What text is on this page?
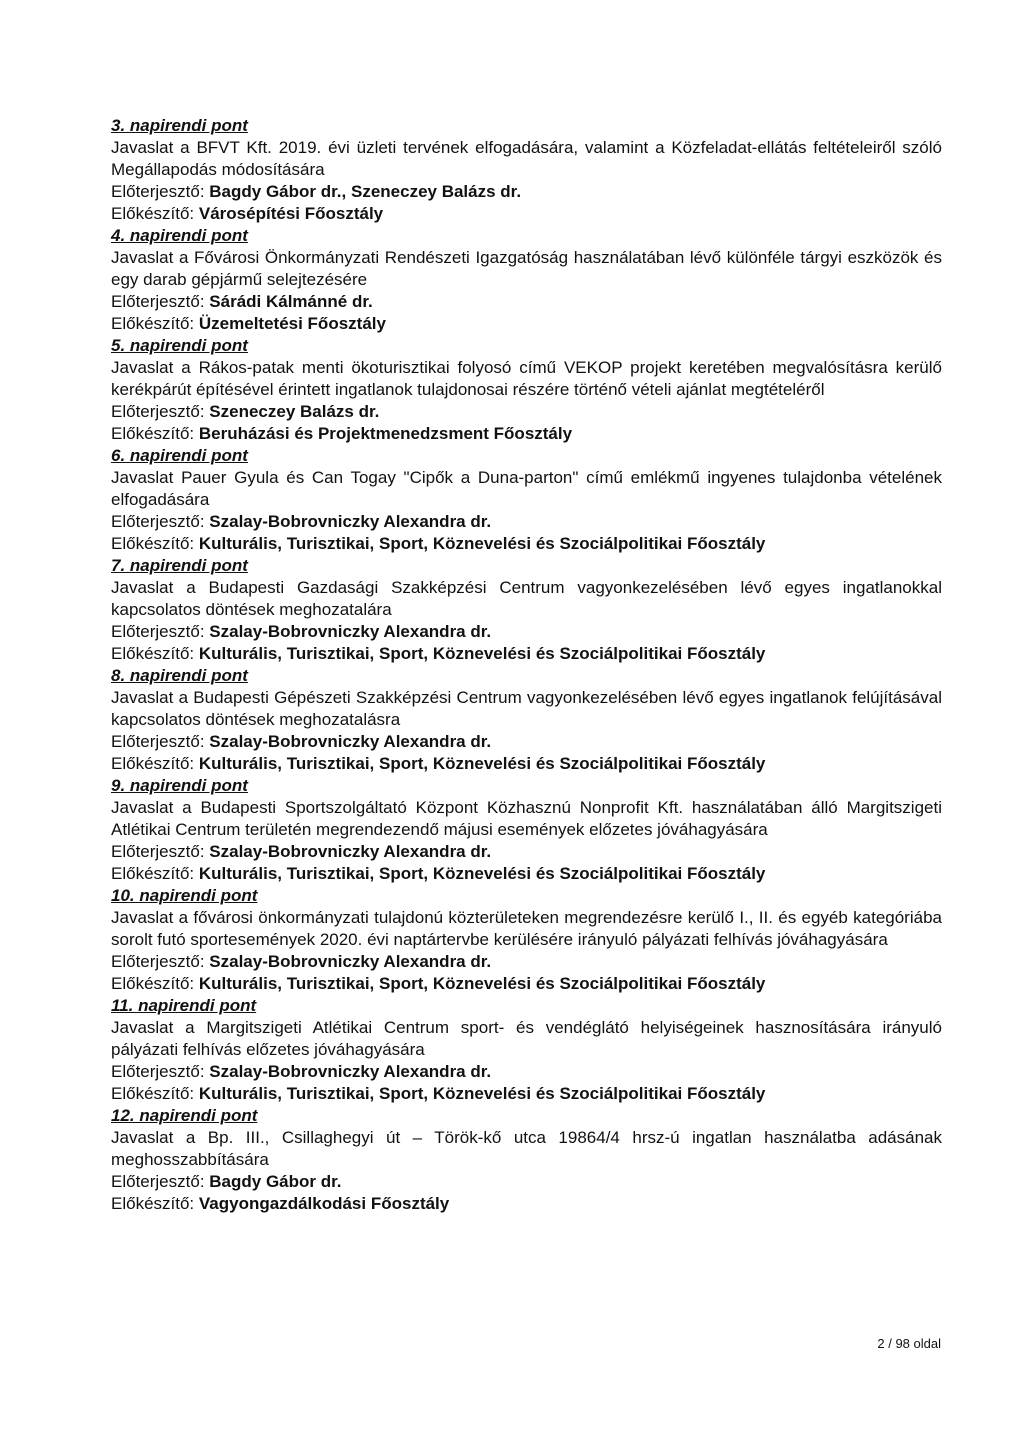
3. napirendi pont
Javaslat a BFVT Kft. 2019. évi üzleti tervének elfogadására, valamint a Közfeladat-ellátás feltételeiről szóló Megállapodás módosítására
Előterjesztő: Bagdy Gábor dr., Szeneczey Balázs dr.
Előkészítő: Városépítési Főosztály
4. napirendi pont
Javaslat a Fővárosi Önkormányzati Rendészeti Igazgatóság használatában lévő különféle tárgyi eszközök és egy darab gépjármű selejtezésére
Előterjesztő: Sárádi Kálmánné dr.
Előkészítő: Üzemeltetési Főosztály
5. napirendi pont
Javaslat a Rákos-patak menti ökoturisztikai folyosó című VEKOP projekt keretében megvalósításra kerülő kerékpárút építésével érintett ingatlanok tulajdonosai részére történő vételi ajánlat megtételéről
Előterjesztő: Szeneczey Balázs dr.
Előkészítő: Beruházási és Projektmenedzsment Főosztály
6. napirendi pont
Javaslat Pauer Gyula és Can Togay "Cipők a Duna-parton" című emlékmű ingyenes tulajdonba vételének elfogadására
Előterjesztő: Szalay-Bobrovniczky Alexandra dr.
Előkészítő: Kulturális, Turisztikai, Sport, Köznevelési és Szociálpolitikai Főosztály
7. napirendi pont
Javaslat a Budapesti Gazdasági Szakképzési Centrum vagyonkezelésében lévő egyes ingatlanokkal kapcsolatos döntések meghozatalára
Előterjesztő: Szalay-Bobrovniczky Alexandra dr.
Előkészítő: Kulturális, Turisztikai, Sport, Köznevelési és Szociálpolitikai Főosztály
8. napirendi pont
Javaslat a Budapesti Gépészeti Szakképzési Centrum vagyonkezelésében lévő egyes ingatlanok felújításával kapcsolatos döntések meghozatalásra
Előterjesztő: Szalay-Bobrovniczky Alexandra dr.
Előkészítő: Kulturális, Turisztikai, Sport, Köznevelési és Szociálpolitikai Főosztály
9. napirendi pont
Javaslat a Budapesti Sportszolgáltató Központ Közhasznú Nonprofit Kft. használatában álló Margitszigeti Atlétikai Centrum területén megrendezendő májusi események előzetes jóváhagyására
Előterjesztő: Szalay-Bobrovniczky Alexandra dr.
Előkészítő: Kulturális, Turisztikai, Sport, Köznevelési és Szociálpolitikai Főosztály
10. napirendi pont
Javaslat a fővárosi önkormányzati tulajdonú közterületeken megrendezésre kerülő I., II. és egyéb kategóriába sorolt futó sportesemények 2020. évi naptártervbe kerülésére irányuló pályázati felhívás jóváhagyására
Előterjesztő: Szalay-Bobrovniczky Alexandra dr.
Előkészítő: Kulturális, Turisztikai, Sport, Köznevelési és Szociálpolitikai Főosztály
11. napirendi pont
Javaslat a Margitszigeti Atlétikai Centrum sport- és vendéglátó helyiségeinek hasznosítására irányuló pályázati felhívás előzetes jóváhagyására
Előterjesztő: Szalay-Bobrovniczky Alexandra dr.
Előkészítő: Kulturális, Turisztikai, Sport, Köznevelési és Szociálpolitikai Főosztály
12. napirendi pont
Javaslat a Bp. III., Csillaghegyi út – Török-kő utca 19864/4 hrsz-ú ingatlan használatba adásának meghosszabbítására
Előterjesztő: Bagdy Gábor dr.
Előkészítő: Vagyongazdálkodási Főosztály
2 / 98 oldal
